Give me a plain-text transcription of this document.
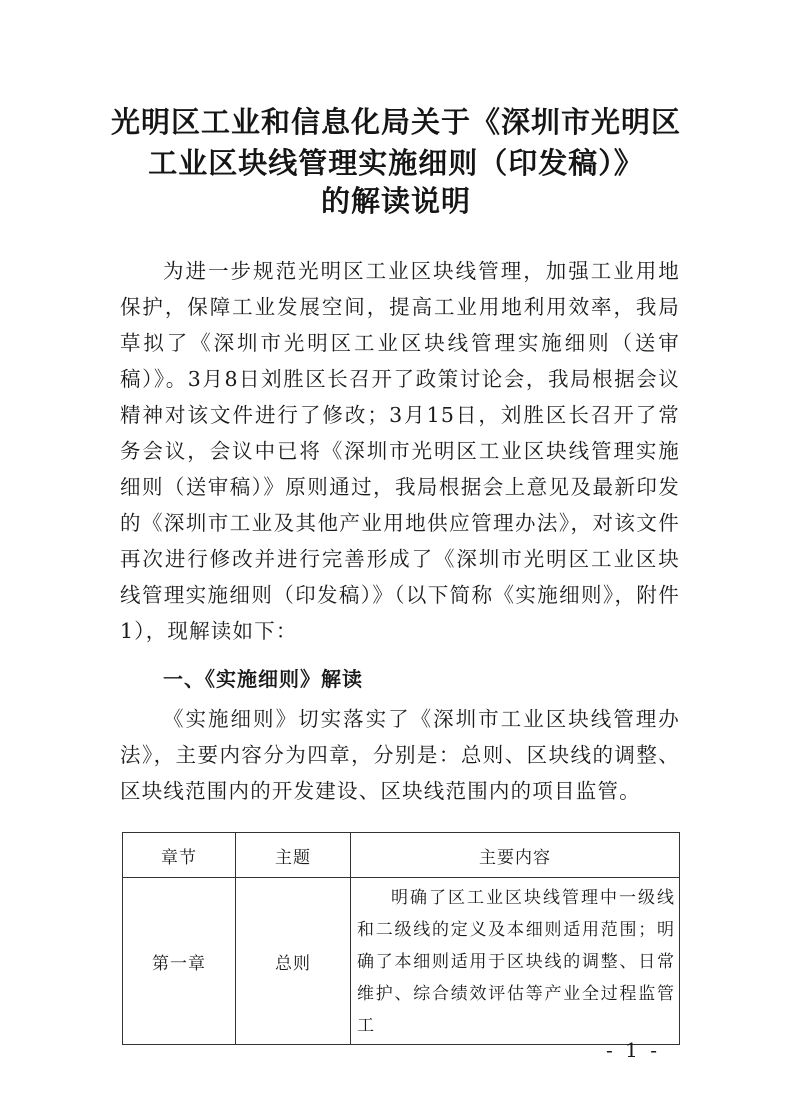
光明区工业和信息化局关于《深圳市光明区
工业区块线管理实施细则（印发稿）》
的解读说明

为进一步规范光明区工业区块线管理，加强工业用地保护，保障工业发展空间，提高工业用地利用效率，我局草拟了《深圳市光明区工业区块线管理实施细则（送审稿）》。3月8日刘胜区长召开了政策讨论会，我局根据会议精神对该文件进行了修改；3月15日，刘胜区长召开了常务会议，会议中已将《深圳市光明区工业区块线管理实施细则（送审稿）》原则通过，我局根据会上意见及最新印发的《深圳市工业及其他产业用地供应管理办法》，对该文件再次进行修改并进行完善形成了《深圳市光明区工业区块线管理实施细则（印发稿）》（以下简称《实施细则》，附件 1），现解读如下：

一、《实施细则》解读

《实施细则》切实落实了《深圳市工业区块线管理办法》，主要内容分为四章，分别是：总则、区块线的调整、区块线范围内的开发建设、区块线范围内的项目监管。

章节	主题	主要内容
第一章	总则	明确了区工业区块线管理中一级线和二级线的定义及本细则适用范围；明确了本细则适用于区块线的调整、日常维护、综合绩效评估等产业全过程监管工

- 1 -
